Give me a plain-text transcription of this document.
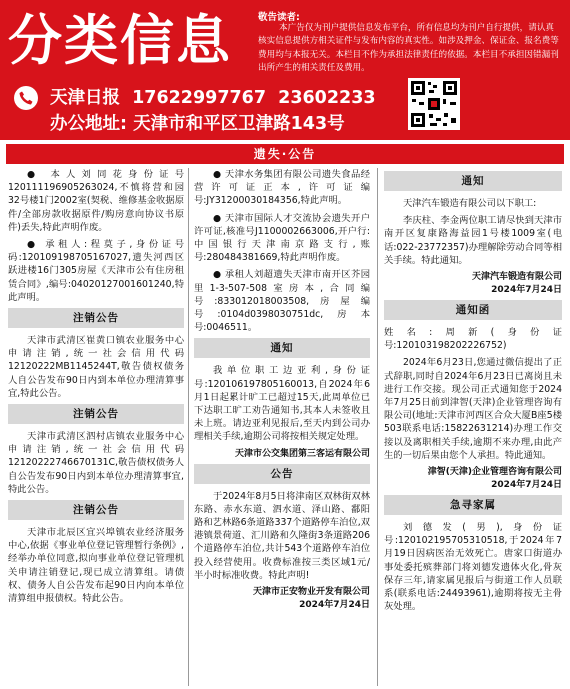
分类信息	敬告读者:
本广告仅为刊户提供信息发布平台，所有信息均为刊户自行提供，请认真核实信息提供方相关证件与发布内容的真实性。如涉及押金、保证金、报名费等费用均与本报无关。本栏目不作为承担法律责任的依据。本栏目不承担因错漏刊出所产生的相关责任及费用。
天津日报 17622997767 23602233
办公地址: 天津市和平区卫津路143号
遗失·公告

● 本人刘同花身份证号120111196905263024,不慎将营和园32号楼1门2002室(契税、维修基金收据原件/全部房款收据原件/购房意向协议书原件)丢失,特此声明作废。

● 承租人:程莫子,身份证号码:120109198705167027,遗失河西区跃进楼16门305房屋《天津市公有住房租赁合同》,编号:04020127001601240,特此声明。

注销公告

天津市武清区崔黄口镇农业服务中心申请注销,统一社会信用代码12120222MB1145244T,敬告债权债务人自公告发布90日内到本单位办理清算事宜,特此公告。

注销公告

天津市武清区泗村店镇农业服务中心申请注销,统一社会信用代码12120222746670131C,敬告债权债务人自公告发布90日内到本单位办理清算事宜,特此公告。

注销公告

天津市北辰区宜兴埠镇农业经济服务中心,依据《事业单位登记管理暂行条例》,经举办单位同意,拟向事业单位登记管理机关申请注销登记,现已成立清算组。请债权、债务人自公告发布起90日内向本单位清算组申报债权。特此公告。

● 天津水务集团有限公司遗失食品经营许可证正本,许可证编号:JY31200030184356,特此声明。

● 天津市国际人才交流协会遗失开户许可证,核准号J1100002663006,开户行:中国银行天津南京路支行,账号:280484381669,特此声明作废。

● 承租人刘超遗失天津市南开区芥园里1-3-507-508室房本,合同编号:833012018003508,房屋编号:0104d0398030751dc,房本号:0046511。

通知

我单位职工边亚利,身份证号:120106197805160013,自2024年6月1日起累计旷工已超过15天,此周单位已下达职工旷工劝告通知书,其本人未签收且未上班。请边亚利见报后,至天内到公司办理相关手续,逾期公司将按相关规定处理。

天津市公交集团第三客运有限公司
公告

于2024年8月5日将津南区双林街双林东路、赤水东道、泗水道、泽山路、鄱阳路和艺林路6条道路337个道路停车泊位,双港镇景荷道、汇川路和久隆街3条道路206个道路停车泊位,共计543个道路停车泊位投入经营使用。收费标准按三类区域1元/半小时标准收费。特此声明!

天津市正安物业开发有限公司
2024年7月24日
通知

天津汽车锻造有限公司以下职工:

李庆柱、李金两位职工请尽快到天津市南开区复康路海益园1号楼1009室(电话:022-23772357)办理解除劳动合同等相关手续。特此通知。

天津汽车锻造有限公司
2024年7月24日
通知函

姓名:周新(身份证号:120103198202226752)

2024年6月23日,您通过微信提出了正式辞职,同时自2024年6月23日已离岗且未进行工作交接。现公司正式通知您于2024年7月25日前到津智(天津)企业管理咨询有限公司(地址:天津市河西区合众大厦B座5楼503联系电话:15822631214)办理工作交接以及离职相关手续,逾期不来办理,由此产生的一切后果由您个人承担。特此通知。

津智(天津)企业管理咨询有限公司
2024年7月24日
急寻家属

刘德发(男),身份证号:120102195705310518,于2024年7月19日因病医治无效死亡。唐家口街道办事处委托殡葬部门将刘德发遗体火化,骨灰保存三年,请家属见报后与街道工作人员联系(联系电话:24493961),逾期将按无主骨灰处理。
